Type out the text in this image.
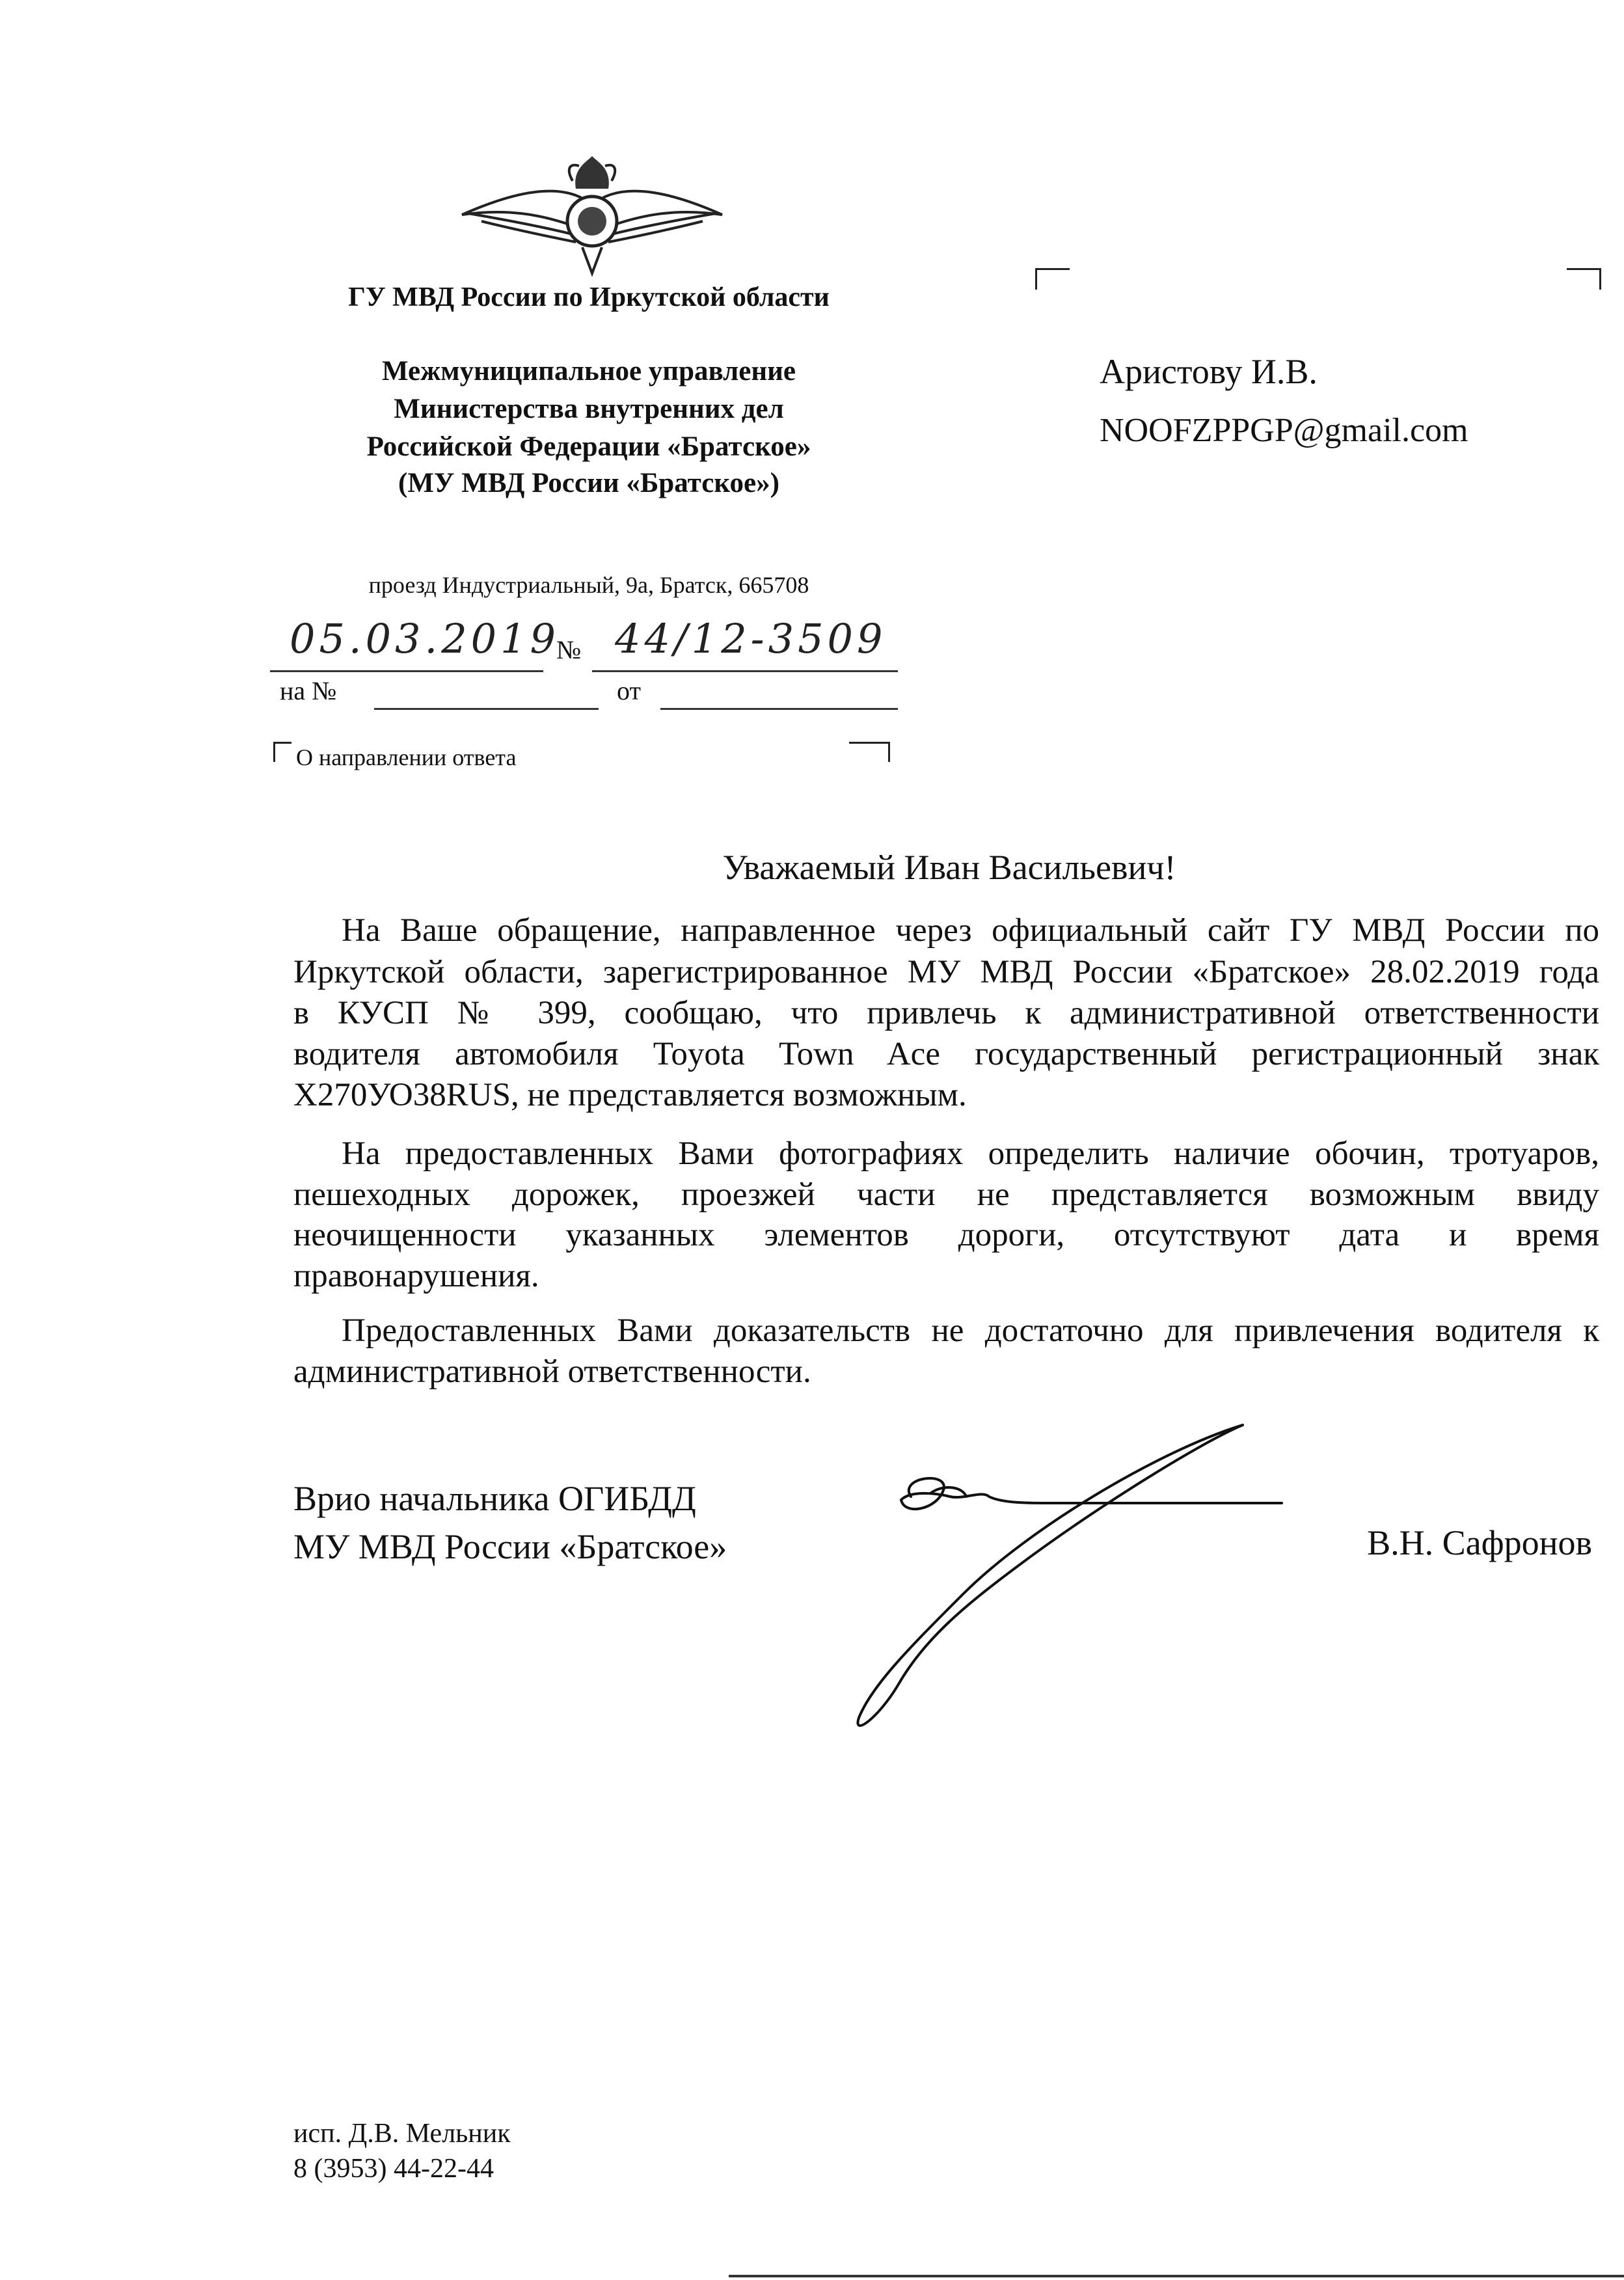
ГУ МВД России по Иркутской области
Межмуниципальное управление
Министерства внутренних дел
Российской Федерации «Братское»
(МУ МВД России «Братское»)
проезд Индустриальный, 9а, Братск, 665708
05.03.2019
№ 44/12-3509
на №	от
О направлении ответа
Аристову И.В.
NOOFZPPGP@gmail.com
Уважаемый Иван Васильевич!
На Ваше обращение, направленное через официальный сайт ГУ МВД России по
Иркутской области, зарегистрированное МУ МВД России «Братское» 28.02.2019 года
в КУСП № 399, сообщаю, что привлечь к административной ответственности
водителя автомобиля Toyota Town Ace государственный регистрационный знак
X270УО38RUS, не представляется возможным.
На предоставленных Вами фотографиях определить наличие обочин, тротуаров,
пешеходных дорожек, проезжей части не представляется возможным ввиду
неочищенности указанных элементов дороги, отсутствуют дата и время
правонарушения.
Предоставленных Вами доказательств не достаточно для привлечения водителя к
административной ответственности.
Врио начальника ОГИБДД
МУ МВД России «Братское»	В.Н. Сафронов
исп. Д.В. Мельник
8 (3953) 44-22-44
